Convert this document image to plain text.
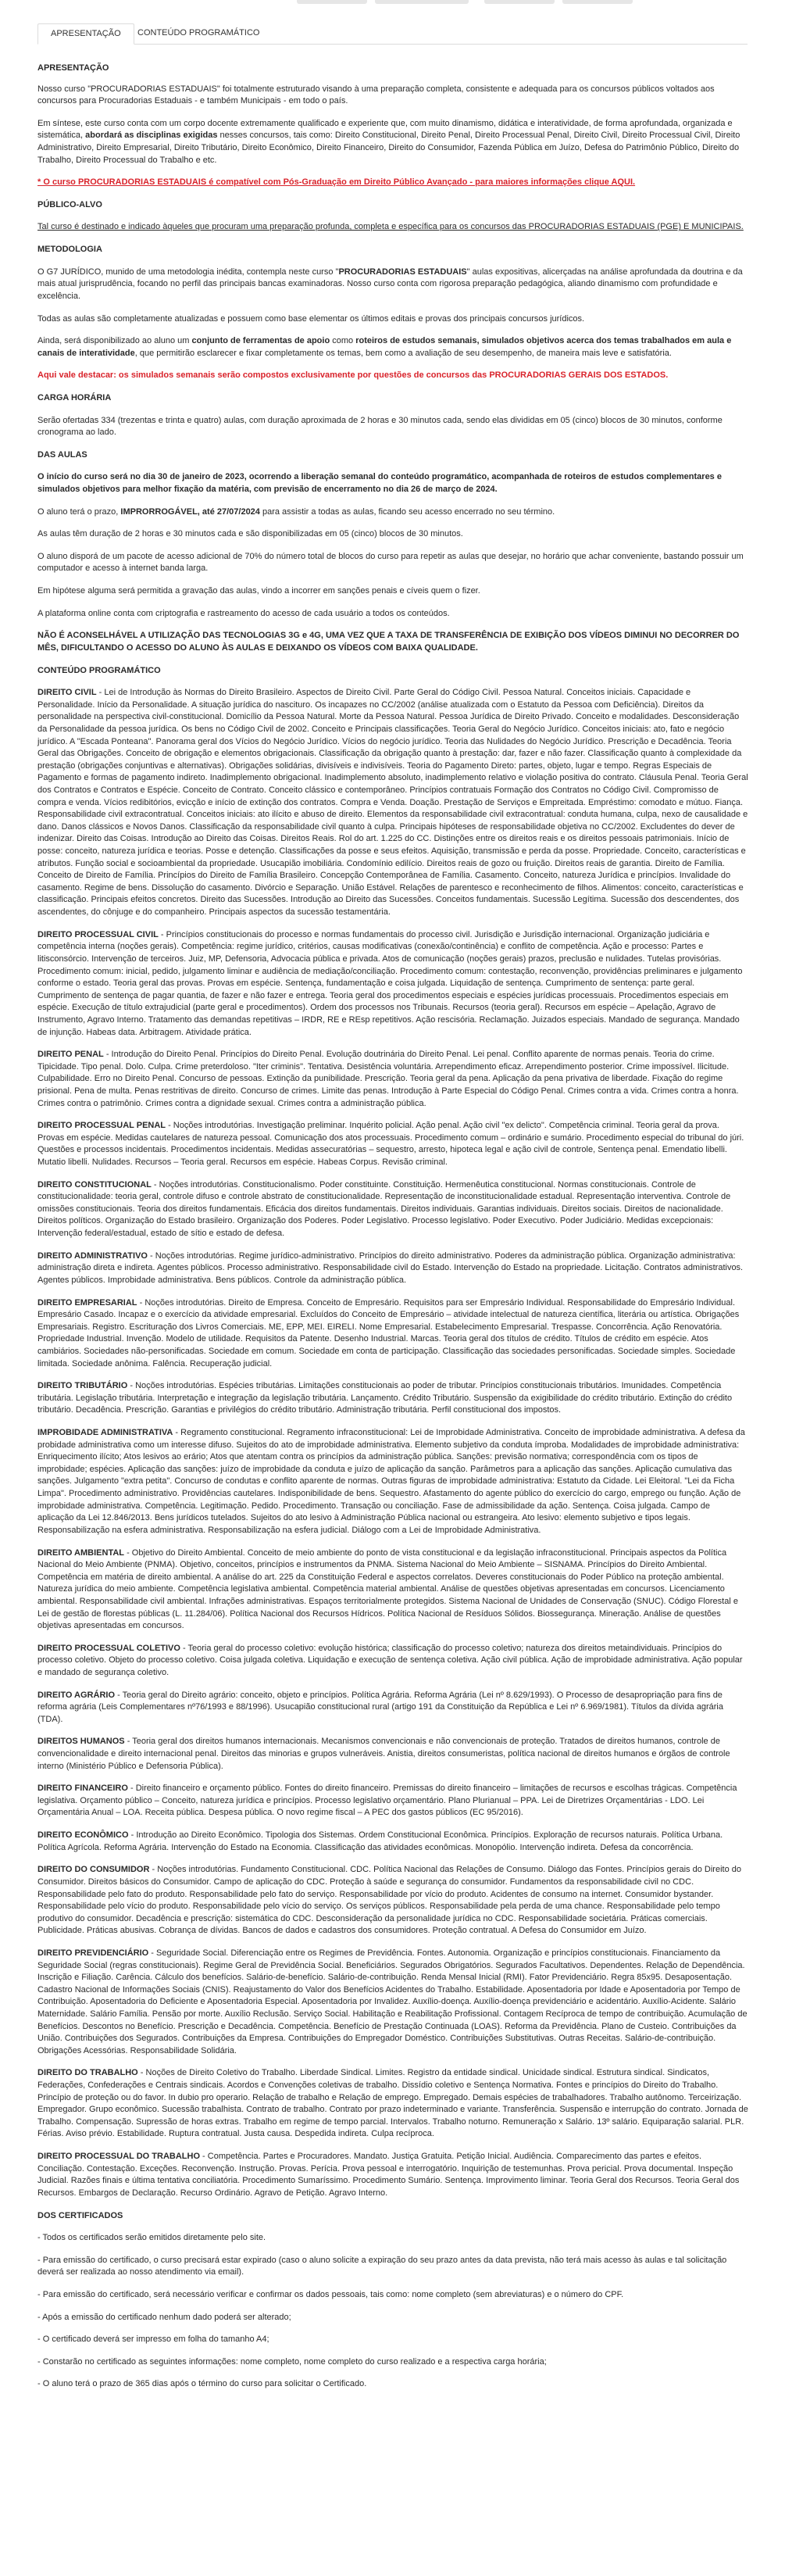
APRESENTAÇÃO	CONTEÚDO PROGRAMÁTICO

APRESENTAÇÃO

Nosso curso "PROCURADORIAS ESTADUAIS" foi totalmente estruturado visando à uma preparação completa, consistente e adequada para os concursos públicos voltados aos concursos para Procuradorias Estaduais - e também Municipais - em todo o país.

Em síntese, este curso conta com um corpo docente extremamente qualificado e experiente que, com muito dinamismo, didática e interatividade, de forma aprofundada, organizada e sistemática, abordará as disciplinas exigidas nesses concursos, tais como: Direito Constitucional, Direito Penal, Direito Processual Penal, Direito Civil, Direito Processual Civil, Direito Administrativo, Direito Empresarial, Direito Tributário, Direito Econômico, Direito Financeiro, Direito do Consumidor, Fazenda Pública em Juízo, Defesa do Patrimônio Público, Direito do Trabalho, Direito Processual do Trabalho e etc.

* O curso PROCURADORIAS ESTADUAIS é compatível com Pós-Graduação em Direito Público Avançado - para maiores informações clique AQUI.

PÚBLICO-ALVO

Tal curso é destinado e indicado àqueles que procuram uma preparação profunda, completa e específica para os concursos das PROCURADORIAS ESTADUAIS (PGE) E MUNICIPAIS.

METODOLOGIA

O G7 JURÍDICO, munido de uma metodologia inédita, contempla neste curso "PROCURADORIAS ESTADUAIS" aulas expositivas, alicerçadas na análise aprofundada da doutrina e da mais atual jurisprudência, focando no perfil das principais bancas examinadoras. Nosso curso conta com rigorosa preparação pedagógica, aliando dinamismo com profundidade e excelência.

Todas as aulas são completamente atualizadas e possuem como base elementar os últimos editais e provas dos principais concursos jurídicos.

Ainda, será disponibilizado ao aluno um conjunto de ferramentas de apoio como roteiros de estudos semanais, simulados objetivos acerca dos temas trabalhados em aula e canais de interatividade, que permitirão esclarecer e fixar completamente os temas, bem como a avaliação de seu desempenho, de maneira mais leve e satisfatória.

Aqui vale destacar: os simulados semanais serão compostos exclusivamente por questões de concursos das PROCURADORIAS GERAIS DOS ESTADOS.

CARGA HORÁRIA

Serão ofertadas 334 (trezentas e trinta e quatro) aulas, com duração aproximada de 2 horas e 30 minutos cada, sendo elas divididas em 05 (cinco) blocos de 30 minutos, conforme cronograma ao lado.

DAS AULAS

O início do curso será no dia 30 de janeiro de 2023, ocorrendo a liberação semanal do conteúdo programático, acompanhada de roteiros de estudos complementares e simulados objetivos para melhor fixação da matéria, com previsão de encerramento no dia 26 de março de 2024.

O aluno terá o prazo, IMPRORROGÁVEL, até 27/07/2024 para assistir a todas as aulas, ficando seu acesso encerrado no seu término.

As aulas têm duração de 2 horas e 30 minutos cada e são disponibilizadas em 05 (cinco) blocos de 30 minutos.

O aluno disporá de um pacote de acesso adicional de 70% do número total de blocos do curso para repetir as aulas que desejar, no horário que achar conveniente, bastando possuir um computador e acesso à internet banda larga.

Em hipótese alguma será permitida a gravação das aulas, vindo a incorrer em sanções penais e cíveis quem o fizer.

A plataforma online conta com criptografia e rastreamento do acesso de cada usuário a todos os conteúdos.

NÃO É ACONSELHÁVEL A UTILIZAÇÃO DAS TECNOLOGIAS 3G e 4G, UMA VEZ QUE A TAXA DE TRANSFERÊNCIA DE EXIBIÇÃO DOS VÍDEOS DIMINUI NO DECORRER DO MÊS, DIFICULTANDO O ACESSO DO ALUNO ÀS AULAS E DEIXANDO OS VÍDEOS COM BAIXA QUALIDADE.

CONTEÚDO PROGRAMÁTICO

DIREITO CIVIL - Lei de Introdução às Normas do Direito Brasileiro. Aspectos de Direito Civil. Parte Geral do Código Civil. Pessoa Natural. Conceitos iniciais. Capacidade e Personalidade. Início da Personalidade. A situação jurídica do nascituro. Os incapazes no CC/2002 (análise atualizada com o Estatuto da Pessoa com Deficiência). Direitos da personalidade na perspectiva civil-constitucional. Domicílio da Pessoa Natural. Morte da Pessoa Natural. Pessoa Jurídica de Direito Privado. Conceito e modalidades. Desconsideração da Personalidade da pessoa jurídica. Os bens no Código Civil de 2002. Conceito e Principais classificações. Teoria Geral do Negócio Jurídico. Conceitos iniciais: ato, fato e negócio jurídico. A "Escada Ponteana". Panorama geral dos Vícios do Negócio Jurídico. Vícios do negócio jurídico. Teoria das Nulidades do Negócio Jurídico. Prescrição e Decadência. Teoria Geral das Obrigações. Conceito de obrigação e elementos obrigacionais. Classificação da obrigação quanto à prestação: dar, fazer e não fazer. Classificação quanto à complexidade da prestação (obrigações conjuntivas e alternativas). Obrigações solidárias, divisíveis e indivisíveis. Teoria do Pagamento Direto: partes, objeto, lugar e tempo. Regras Especiais de Pagamento e formas de pagamento indireto. Inadimplemento obrigacional. Inadimplemento absoluto, inadimplemento relativo e violação positiva do contrato. Cláusula Penal. Teoria Geral dos Contratos e Contratos e Espécie. Conceito de Contrato. Conceito clássico e contemporâneo. Princípios contratuais Formação dos Contratos no Código Civil. Compromisso de compra e venda. Vícios redibitórios, evicção e início de extinção dos contratos. Compra e Venda. Doação. Prestação de Serviços e Empreitada. Empréstimo: comodato e mútuo. Fiança. Responsabilidade civil extracontratual. Conceitos iniciais: ato ilícito e abuso de direito. Elementos da responsabilidade civil extracontratual: conduta humana, culpa, nexo de causalidade e dano. Danos clássicos e Novos Danos. Classificação da responsabilidade civil quanto à culpa. Principais hipóteses de responsabilidade objetiva no CC/2002. Excludentes do dever de indenizar. Direito das Coisas. Introdução ao Direito das Coisas. Direitos Reais. Rol do art. 1.225 do CC. Distinções entre os direitos reais e os direitos pessoais patrimoniais. Início de posse: conceito, natureza jurídica e teorias. Posse e detenção. Classificações da posse e seus efeitos. Aquisição, transmissão e perda da posse. Propriedade. Conceito, características e atributos. Função social e socioambiental da propriedade. Usucapião imobiliária. Condomínio edilício. Direitos reais de gozo ou fruição. Direitos reais de garantia. Direito de Família. Conceito de Direito de Família. Princípios do Direito de Família Brasileiro. Concepção Contemporânea de Família. Casamento. Conceito, natureza Jurídica e princípios. Invalidade do casamento. Regime de bens. Dissolução do casamento. Divórcio e Separação. União Estável. Relações de parentesco e reconhecimento de filhos. Alimentos: conceito, características e classificação. Principais efeitos concretos. Direito das Sucessões. Introdução ao Direito das Sucessões. Conceitos fundamentais. Sucessão Legítima. Sucessão dos descendentes, dos ascendentes, do cônjuge e do companheiro. Principais aspectos da sucessão testamentária.

DIREITO PROCESSUAL CIVIL - Princípios constitucionais do processo e normas fundamentais do processo civil. Jurisdição e Jurisdição internacional. Organização judiciária e competência interna (noções gerais). Competência: regime jurídico, critérios, causas modificativas (conexão/continência) e conflito de competência. Ação e processo: Partes e litisconsórcio. Intervenção de terceiros. Juiz, MP, Defensoria, Advocacia pública e privada. Atos de comunicação (noções gerais) prazos, preclusão e nulidades. Tutelas provisórias. Procedimento comum: inicial, pedido, julgamento liminar e audiência de mediação/conciliação. Procedimento comum: contestação, reconvenção, providências preliminares e julgamento conforme o estado. Teoria geral das provas. Provas em espécie. Sentença, fundamentação e coisa julgada. Liquidação de sentença. Cumprimento de sentença: parte geral. Cumprimento de sentença de pagar quantia, de fazer e não fazer e entrega. Teoria geral dos procedimentos especiais e espécies jurídicas processuais. Procedimentos especiais em espécie. Execução de título extrajudicial (parte geral e procedimentos). Ordem dos processos nos Tribunais. Recursos (teoria geral). Recursos em espécie – Apelação, Agravo de Instrumento, Agravo Interno. Tratamento das demandas repetitivas – IRDR, RE e REsp repetitivos. Ação rescisória. Reclamação. Juizados especiais. Mandado de segurança. Mandado de injunção. Habeas data. Arbitragem. Atividade prática.

DIREITO PENAL - Introdução do Direito Penal. Princípios do Direito Penal. Evolução doutrinária do Direito Penal. Lei penal. Conflito aparente de normas penais. Teoria do crime. Tipicidade. Tipo penal. Dolo. Culpa. Crime preterdoloso. "Iter criminis". Tentativa. Desistência voluntária. Arrependimento eficaz. Arrependimento posterior. Crime impossível. Ilicitude. Culpabilidade. Erro no Direito Penal. Concurso de pessoas. Extinção da punibilidade. Prescrição. Teoria geral da pena. Aplicação da pena privativa de liberdade. Fixação do regime prisional. Pena de multa. Penas restritivas de direito. Concurso de crimes. Limite das penas. Introdução à Parte Especial do Código Penal. Crimes contra a vida. Crimes contra a honra. Crimes contra o patrimônio. Crimes contra a dignidade sexual. Crimes contra a administração pública.

DIREITO PROCESSUAL PENAL - Noções introdutórias. Investigação preliminar. Inquérito policial. Ação penal. Ação civil "ex delicto". Competência criminal. Teoria geral da prova. Provas em espécie. Medidas cautelares de natureza pessoal. Comunicação dos atos processuais. Procedimento comum – ordinário e sumário. Procedimento especial do tribunal do júri. Questões e processos incidentais. Procedimentos incidentais. Medidas assecuratórias – sequestro, arresto, hipoteca legal e ação civil de controle, Sentença penal. Emendatio libelli. Mutatio libelli. Nulidades. Recursos – Teoria geral. Recursos em espécie. Habeas Corpus. Revisão criminal.

DIREITO CONSTITUCIONAL - Noções introdutórias. Constitucionalismo. Poder constituinte. Constituição. Hermenêutica constitucional. Normas constitucionais. Controle de constitucionalidade: teoria geral, controle difuso e controle abstrato de constitucionalidade. Representação de inconstitucionalidade estadual. Representação interventiva. Controle de omissões constitucionais. Teoria dos direitos fundamentais. Eficácia dos direitos fundamentais. Direitos individuais. Garantias individuais. Direitos sociais. Direitos de nacionalidade. Direitos políticos. Organização do Estado brasileiro. Organização dos Poderes. Poder Legislativo. Processo legislativo. Poder Executivo. Poder Judiciário. Medidas excepcionais: Intervenção federal/estadual, estado de sítio e estado de defesa.

DIREITO ADMINISTRATIVO - Noções introdutórias. Regime jurídico-administrativo. Princípios do direito administrativo. Poderes da administração pública. Organização administrativa: administração direta e indireta. Agentes públicos. Processo administrativo. Responsabilidade civil do Estado. Intervenção do Estado na propriedade. Licitação. Contratos administrativos. Agentes públicos. Improbidade administrativa. Bens públicos. Controle da administração pública.

DIREITO EMPRESARIAL - Noções introdutórias. Direito de Empresa. Conceito de Empresário. Requisitos para ser Empresário Individual. Responsabilidade do Empresário Individual. Empresário Casado. Incapaz e o exercício da atividade empresarial. Excluídos do Conceito de Empresário – atividade intelectual de natureza científica, literária ou artística. Obrigações Empresariais. Registro. Escrituração dos Livros Comerciais. ME, EPP, MEI. EIRELI. Nome Empresarial. Estabelecimento Empresarial. Trespasse. Concorrência. Ação Renovatória. Propriedade Industrial. Invenção. Modelo de utilidade. Requisitos da Patente. Desenho Industrial. Marcas. Teoria geral dos títulos de crédito. Títulos de crédito em espécie. Atos cambiários. Sociedades não-personificadas. Sociedade em comum. Sociedade em conta de participação. Classificação das sociedades personificadas. Sociedade simples. Sociedade limitada. Sociedade anônima. Falência. Recuperação judicial.

DIREITO TRIBUTÁRIO - Noções introdutórias. Espécies tributárias. Limitações constitucionais ao poder de tributar. Princípios constitucionais tributários. Imunidades. Competência tributária. Legislação tributária. Interpretação e integração da legislação tributária. Lançamento. Crédito Tributário. Suspensão da exigibilidade do crédito tributário. Extinção do crédito tributário. Decadência. Prescrição. Garantias e privilégios do crédito tributário. Administração tributária. Perfil constitucional dos impostos.

IMPROBIDADE ADMINISTRATIVA - Regramento constitucional. Regramento infraconstitucional: Lei de Improbidade Administrativa. Conceito de improbidade administrativa. A defesa da probidade administrativa como um interesse difuso. Sujeitos do ato de improbidade administrativa. Elemento subjetivo da conduta ímproba. Modalidades de improbidade administrativa: Enriquecimento ilícito; Atos lesivos ao erário; Atos que atentam contra os princípios da administração pública. Sanções: previsão normativa; correspondência com os tipos de improbidade; espécies. Aplicação das sanções: juízo de improbidade da conduta e juízo de aplicação da sanção. Parâmetros para a aplicação das sanções. Aplicação cumulativa das sanções. Julgamento "extra petita". Concurso de condutas e conflito aparente de normas. Outras figuras de improbidade administrativa: Estatuto da Cidade. Lei Eleitoral. "Lei da Ficha Limpa". Procedimento administrativo. Providências cautelares. Indisponibilidade de bens. Sequestro. Afastamento do agente público do exercício do cargo, emprego ou função. Ação de improbidade administrativa. Competência. Legitimação. Pedido. Procedimento. Transação ou conciliação. Fase de admissibilidade da ação. Sentença. Coisa julgada. Campo de aplicação da Lei 12.846/2013. Bens jurídicos tutelados. Sujeitos do ato lesivo à Administração Pública nacional ou estrangeira. Ato lesivo: elemento subjetivo e tipos legais. Responsabilização na esfera administrativa. Responsabilização na esfera judicial. Diálogo com a Lei de Improbidade Administrativa.

DIREITO AMBIENTAL - Objetivo do Direito Ambiental. Conceito de meio ambiente do ponto de vista constitucional e da legislação infraconstitucional. Principais aspectos da Política Nacional do Meio Ambiente (PNMA). Objetivo, conceitos, princípios e instrumentos da PNMA. Sistema Nacional do Meio Ambiente – SISNAMA. Princípios do Direito Ambiental. Competência em matéria de direito ambiental. A análise do art. 225 da Constituição Federal e aspectos correlatos. Deveres constitucionais do Poder Público na proteção ambiental. Natureza jurídica do meio ambiente. Competência legislativa ambiental. Competência material ambiental. Análise de questões objetivas apresentadas em concursos. Licenciamento ambiental. Responsabilidade civil ambiental. Infrações administrativas. Espaços territorialmente protegidos. Sistema Nacional de Unidades de Conservação (SNUC). Código Florestal e Lei de gestão de florestas públicas (L. 11.284/06). Política Nacional dos Recursos Hídricos. Política Nacional de Resíduos Sólidos. Biossegurança. Mineração. Análise de questões objetivas apresentadas em concursos.

DIREITO PROCESSUAL COLETIVO - Teoria geral do processo coletivo: evolução histórica; classificação do processo coletivo; natureza dos direitos metaindividuais. Princípios do processo coletivo. Objeto do processo coletivo. Coisa julgada coletiva. Liquidação e execução de sentença coletiva. Ação civil pública. Ação de improbidade administrativa. Ação popular e mandado de segurança coletivo.

DIREITO AGRÁRIO - Teoria geral do Direito agrário: conceito, objeto e princípios. Política Agrária. Reforma Agrária (Lei nº 8.629/1993). O Processo de desapropriação para fins de reforma agrária (Leis Complementares nº76/1993 e 88/1996). Usucapião constitucional rural (artigo 191 da Constituição da República e Lei nº 6.969/1981). Títulos da dívida agrária (TDA).

DIREITOS HUMANOS - Teoria geral dos direitos humanos internacionais. Mecanismos convencionais e não convencionais de proteção. Tratados de direitos humanos, controle de convencionalidade e direito internacional penal. Direitos das minorias e grupos vulneráveis. Anistia, direitos consumeristas, política nacional de direitos humanos e órgãos de controle interno (Ministério Público e Defensoria Pública).

DIREITO FINANCEIRO - Direito financeiro e orçamento público. Fontes do direito financeiro. Premissas do direito financeiro – limitações de recursos e escolhas trágicas. Competência legislativa. Orçamento público – Conceito, natureza jurídica e princípios. Processo legislativo orçamentário. Plano Plurianual – PPA. Lei de Diretrizes Orçamentárias - LDO. Lei Orçamentária Anual – LOA. Receita pública. Despesa pública. O novo regime fiscal – A PEC dos gastos públicos (EC 95/2016).

DIREITO ECONÔMICO - Introdução ao Direito Econômico. Tipologia dos Sistemas. Ordem Constitucional Econômica. Princípios. Exploração de recursos naturais. Política Urbana. Política Agrícola. Reforma Agrária. Intervenção do Estado na Economia. Classificação das atividades econômicas. Monopólio. Intervenção indireta. Defesa da concorrência.

DIREITO DO CONSUMIDOR - Noções introdutórias. Fundamento Constitucional. CDC. Política Nacional das Relações de Consumo. Diálogo das Fontes. Princípios gerais do Direito do Consumidor. Direitos básicos do Consumidor. Campo de aplicação do CDC. Proteção à saúde e segurança do consumidor. Fundamentos da responsabilidade civil no CDC. Responsabilidade pelo fato do produto. Responsabilidade pelo fato do serviço. Responsabilidade por vício do produto. Acidentes de consumo na internet. Consumidor bystander. Responsabilidade pelo vício do produto. Responsabilidade pelo vício do serviço. Os serviços públicos. Responsabilidade pela perda de uma chance. Responsabilidade pelo tempo produtivo do consumidor. Decadência e prescrição: sistemática do CDC. Desconsideração da personalidade jurídica no CDC. Responsabilidade societária. Práticas comerciais. Publicidade. Práticas abusivas. Cobrança de dívidas. Bancos de dados e cadastros dos consumidores. Proteção contratual. A Defesa do Consumidor em Juízo.

DIREITO PREVIDENCIÁRIO - Seguridade Social. Diferenciação entre os Regimes de Previdência. Fontes. Autonomia. Organização e princípios constitucionais. Financiamento da Seguridade Social (regras constitucionais). Regime Geral de Previdência Social. Beneficiários. Segurados Obrigatórios. Segurados Facultativos. Dependentes. Relação de Dependência. Inscrição e Filiação. Carência. Cálculo dos benefícios. Salário-de-benefício. Salário-de-contribuição. Renda Mensal Inicial (RMI). Fator Previdenciário. Regra 85x95. Desaposentação. Cadastro Nacional de Informações Sociais (CNIS). Reajustamento do Valor dos Benefícios Acidentes do Trabalho. Estabilidade. Aposentadoria por Idade e Aposentadoria por Tempo de Contribuição. Aposentadoria do Deficiente e Aposentadoria Especial. Aposentadoria por Invalidez. Auxílio-doença. Auxílio-doença previdenciário e acidentário. Auxílio-Acidente. Salário Maternidade. Salário Família. Pensão por morte. Auxílio Reclusão. Serviço Social. Habilitação e Reabilitação Profissional. Contagem Recíproca de tempo de contribuição. Acumulação de Benefícios. Descontos no Benefício. Prescrição e Decadência. Competência. Benefício de Prestação Continuada (LOAS). Reforma da Previdência. Plano de Custeio. Contribuições da União. Contribuições dos Segurados. Contribuições da Empresa. Contribuições do Empregador Doméstico. Contribuições Substitutivas. Outras Receitas. Salário-de-contribuição. Obrigações Acessórias. Responsabilidade Solidária.

DIREITO DO TRABALHO - Noções de Direito Coletivo do Trabalho. Liberdade Sindical. Limites. Registro da entidade sindical. Unicidade sindical. Estrutura sindical. Sindicatos, Federações, Confederações e Centrais sindicais. Acordos e Convenções coletivas de trabalho. Dissídio coletivo e Sentença Normativa. Fontes e princípios do Direito do Trabalho. Princípio de proteção ou do favor. In dubio pro operario. Relação de trabalho e Relação de emprego. Empregado. Demais espécies de trabalhadores. Trabalho autônomo. Terceirização. Empregador. Grupo econômico. Sucessão trabalhista. Contrato de trabalho. Contrato por prazo indeterminado e variante. Transferência. Suspensão e interrupção do contrato. Jornada de Trabalho. Compensação. Supressão de horas extras. Trabalho em regime de tempo parcial. Intervalos. Trabalho noturno. Remuneração x Salário. 13º salário. Equiparação salarial. PLR. Férias. Aviso prévio. Estabilidade. Ruptura contratual. Justa causa. Despedida indireta. Culpa recíproca.

DIREITO PROCESSUAL DO TRABALHO - Competência. Partes e Procuradores. Mandato. Justiça Gratuita. Petição Inicial. Audiência. Comparecimento das partes e efeitos. Conciliação. Contestação. Exceções. Reconvenção. Instrução. Provas. Perícia. Prova pessoal e interrogatório. Inquirição de testemunhas. Prova pericial. Prova documental. Inspeção Judicial. Razões finais e última tentativa conciliatória. Procedimento Sumaríssimo. Procedimento Sumário. Sentença. Improvimento liminar. Teoria Geral dos Recursos. Teoria Geral dos Recursos. Embargos de Declaração. Recurso Ordinário. Agravo de Petição. Agravo Interno.

DOS CERTIFICADOS

- Todos os certificados serão emitidos diretamente pelo site.

- Para emissão do certificado, o curso precisará estar expirado (caso o aluno solicite a expiração do seu prazo antes da data prevista, não terá mais acesso às aulas e tal solicitação deverá ser realizada ao nosso atendimento via email).

- Para emissão do certificado, será necessário verificar e confirmar os dados pessoais, tais como: nome completo (sem abreviaturas) e o número do CPF.

- Após a emissão do certificado nenhum dado poderá ser alterado;

- O certificado deverá ser impresso em folha do tamanho A4;

- Constarão no certificado as seguintes informações: nome completo, nome completo do curso realizado e a respectiva carga horária;

- O aluno terá o prazo de 365 dias após o término do curso para solicitar o Certificado.
